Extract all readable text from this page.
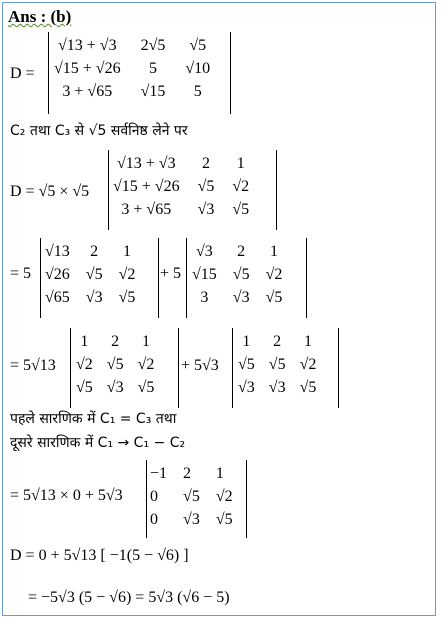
Ans : (b)
D =
√13 + √3 2√5 √5
√15 + √26	5	√10
3 + √65	√15	5
C₂ तथा C₃ से √5 सर्वनिष्ठ लेने पर
D = √5 × √5
√13 + √3 2 1
√15 + √26 √5 √2
3 + √65	√3 √5
= 5
√13 2 1
√26 √5 √2
√65 √3 √5
+ 5
√3 2 1
√15 √5 √2
3	√3 √5
= 5√13
1 2 1
√2 √5 √2
√5 √3 √5
+ 5√3
1 2 1
√5 √5 √2
√3 √3 √5
पहले सारणिक में C₁ = C₃ तथा
दूसरे सारणिक में C₁ → C₁ − C₂
= 5√13 × 0 + 5√3
−1 2 1
0 √5 √2
0 √3 √5
D = 0 + 5√13 [ −1(5 − √6) ]
= −5√3 (5 − √6) = 5√3 (√6 − 5)
